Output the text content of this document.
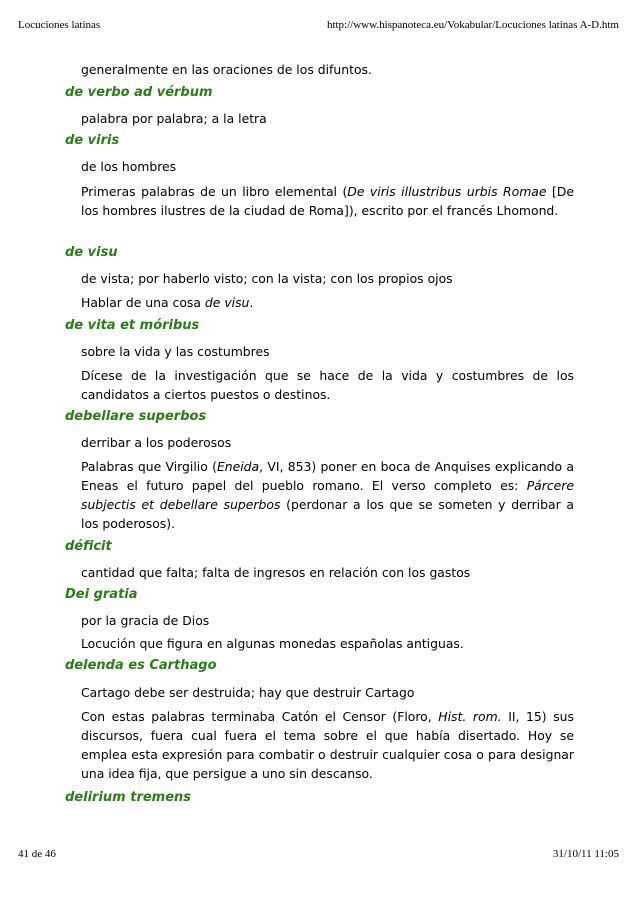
Locuciones latinas	http://www.hispanoteca.eu/Vokabular/Locuciones latinas A-D.htm
generalmente en las oraciones de los difuntos.
de verbo ad vérbum
palabra por palabra; a la letra
de viris
de los hombres
Primeras palabras de un libro elemental (De viris illustribus urbis Romae [De los hombres ilustres de la ciudad de Roma]), escrito por el francés Lhomond.
de visu
de vista; por haberlo visto; con la vista; con los propios ojos
Hablar de una cosa de visu.
de vita et móribus
sobre la vida y las costumbres
Dícese de la investigación que se hace de la vida y costumbres de los candidatos a ciertos puestos o destinos.
debellare superbos
derribar a los poderosos
Palabras que Virgilio (Eneida, VI, 853) poner en boca de Anquises explicando a Eneas el futuro papel del pueblo romano. El verso completo es: Párcere subjectis et debellare superbos (perdonar a los que se someten y derribar a los poderosos).
déficit
cantidad que falta; falta de ingresos en relación con los gastos
Dei gratia
por la gracia de Dios
Locución que figura en algunas monedas españolas antiguas.
delenda es Carthago
Cartago debe ser destruida; hay que destruir Cartago
Con estas palabras terminaba Catón el Censor (Floro, Hist. rom. II, 15) sus discursos, fuera cual fuera el tema sobre el que había disertado. Hoy se emplea esta expresión para combatir o destruir cualquier cosa o para designar una idea fija, que persigue a uno sin descanso.
delirium tremens
41 de 46	31/10/11 11:05
